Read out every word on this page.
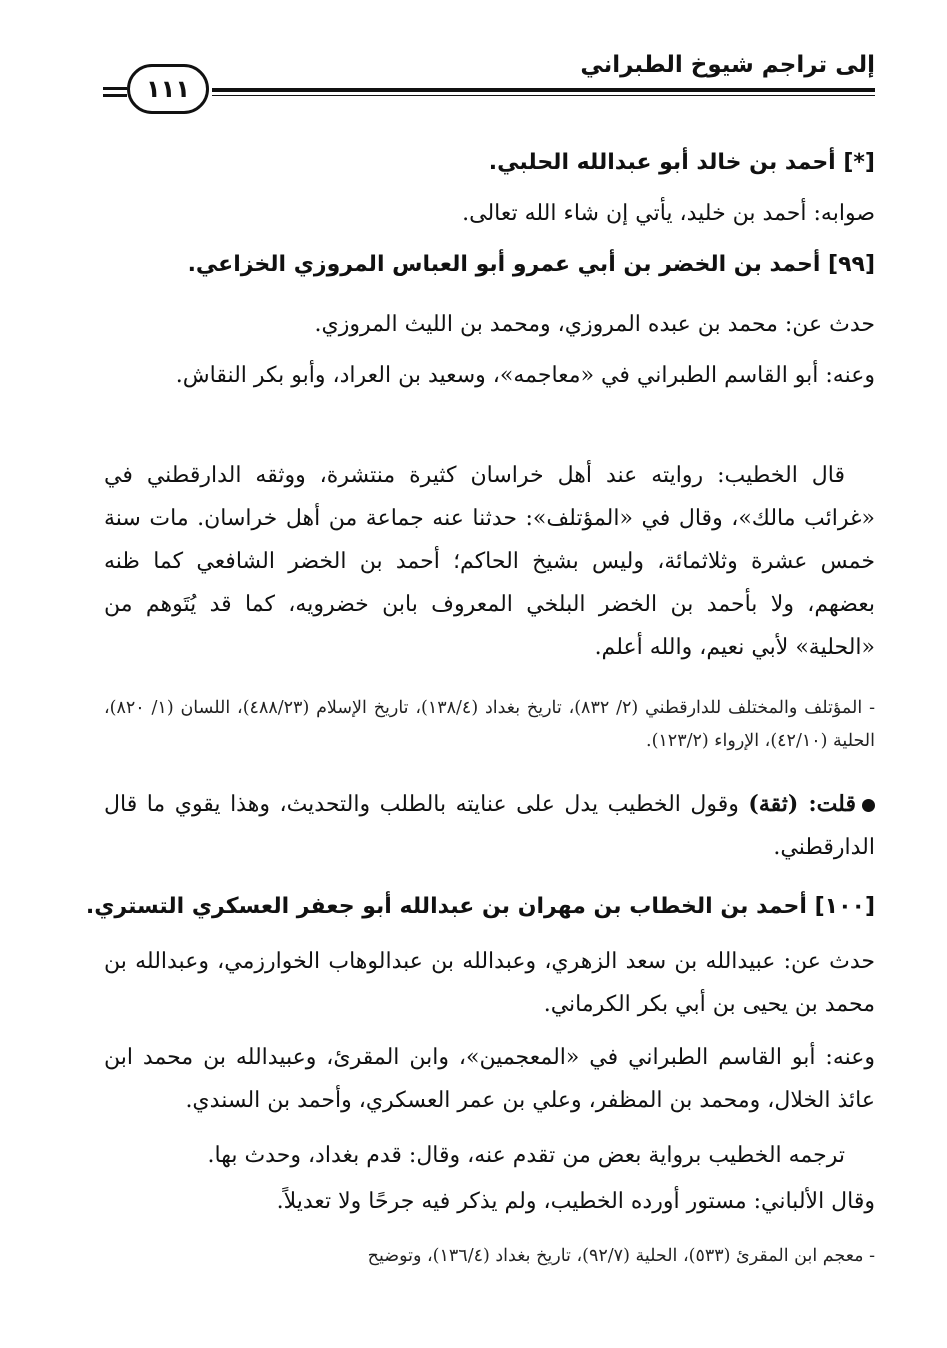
إلى تراجم شيوخ الطبراني
١١١
[*] أحمد بن خالد أبو عبدالله الحلبي.
صوابه: أحمد بن خليد، يأتي إن شاء الله تعالى.
[٩٩] أحمد بن الخضر بن أبي عمرو أبو العباس المروزي الخزاعي.
حدث عن: محمد بن عبده المروزي، ومحمد بن الليث المروزي.
وعنه: أبو القاسم الطبراني في «معاجمه»، وسعيد بن العراد، وأبو بكر النقاش.
قال الخطيب: روايته عند أهل خراسان كثيرة منتشرة، ووثقه الدارقطني في «غرائب مالك»، وقال في «المؤتلف»: حدثنا عنه جماعة من أهل خراسان. مات سنة خمس عشرة وثلاثمائة، وليس بشيخ الحاكم؛ أحمد بن الخضر الشافعي كما ظنه بعضهم، ولا بأحمد بن الخضر البلخي المعروف بابن خضرويه، كما قد يُتَوهم من «الحلية» لأبي نعيم، والله أعلم.
- المؤتلف والمختلف للدارقطني (٢/ ٨٣٢)، تاريخ بغداد (١٣٨/٤)، تاريخ الإسلام (٤٨٨/٢٣)، اللسان (١/ ٨٢٠)، الحلية (٤٢/١٠)، الإرواء (١٢٣/٢).
قلت: (ثقة) وقول الخطيب يدل على عنايته بالطلب والتحديث، وهذا يقوي ما قال الدارقطني.
[١٠٠] أحمد بن الخطاب بن مهران بن عبدالله أبو جعفر العسكري التستري.
حدث عن: عبيدالله بن سعد الزهري، وعبدالله بن عبدالوهاب الخوارزمي، وعبدالله بن محمد بن يحيى بن أبي بكر الكرماني.
وعنه: أبو القاسم الطبراني في «المعجمين»، وابن المقرئ، وعبيدالله بن محمد ابن عائذ الخلال، ومحمد بن المظفر، وعلي بن عمر العسكري، وأحمد بن السندي.
ترجمه الخطيب برواية بعض من تقدم عنه، وقال: قدم بغداد، وحدث بها.
وقال الألباني: مستور أورده الخطيب، ولم يذكر فيه جرحًا ولا تعديلاً.
- معجم ابن المقرئ (٥٣٣)، الحلية (٩٢/٧)، تاريخ بغداد (١٣٦/٤)، وتوضيح
